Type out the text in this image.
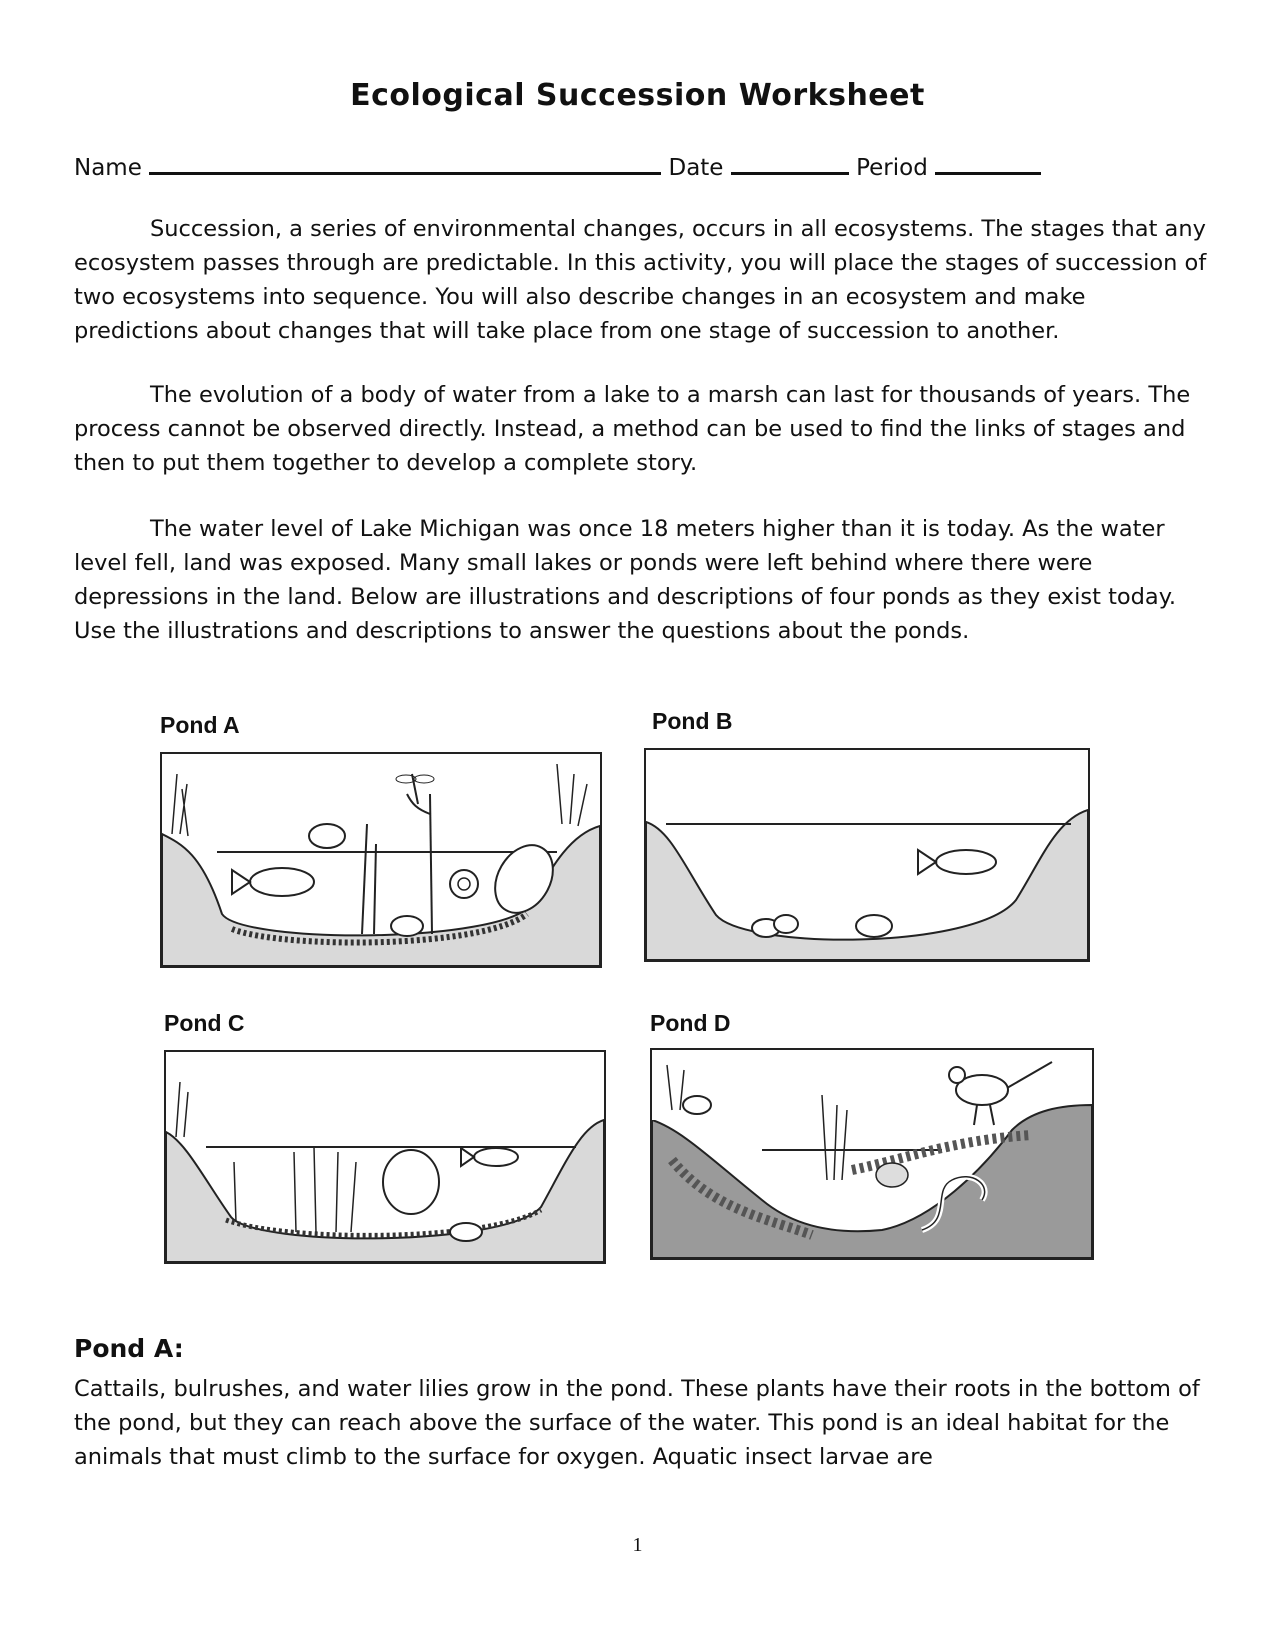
Ecological Succession Worksheet
Name	Date	Period

Succession, a series of environmental changes, occurs in all ecosystems. The stages that any ecosystem passes through are predictable. In this activity, you will place the stages of succession of two ecosystems into sequence. You will also describe changes in an ecosystem and make predictions about changes that will take place from one stage of succession to another.

The evolution of a body of water from a lake to a marsh can last for thousands of years. The process cannot be observed directly. Instead, a method can be used to find the links of stages and then to put them together to develop a complete story.

The water level of Lake Michigan was once 18 meters higher than it is today. As the water level fell, land was exposed. Many small lakes or ponds were left behind where there were depressions in the land. Below are illustrations and descriptions of four ponds as they exist today. Use the illustrations and descriptions to answer the questions about the ponds.

Pond A	Pond B
Pond C	Pond D
Pond A:

Cattails, bulrushes, and water lilies grow in the pond. These plants have their roots in the bottom of the pond, but they can reach above the surface of the water. This pond is an ideal habitat for the animals that must climb to the surface for oxygen. Aquatic insect larvae are

1
